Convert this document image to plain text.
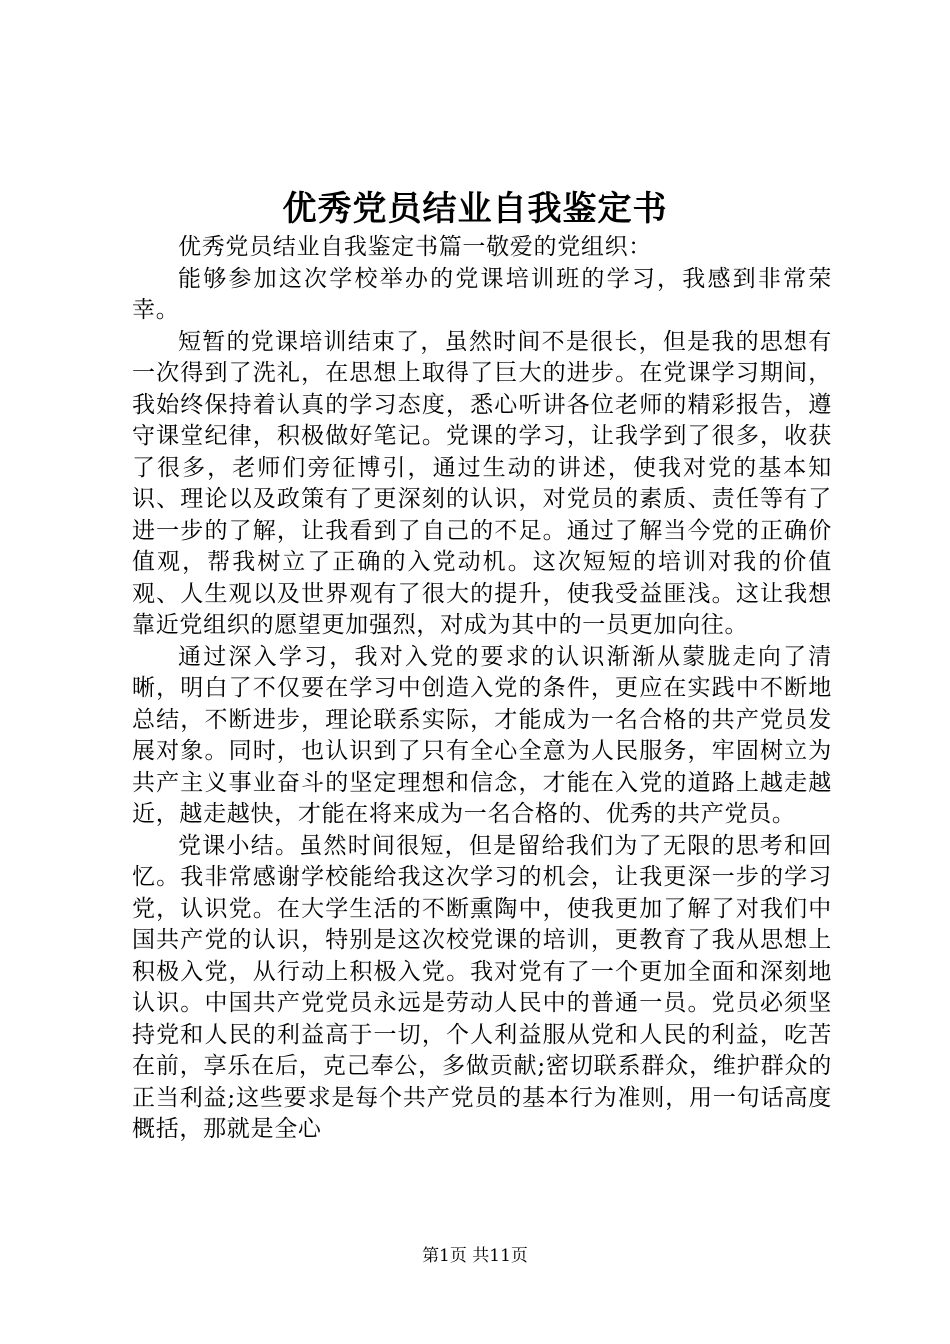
优秀党员结业自我鉴定书

优秀党员结业自我鉴定书篇一敬爱的党组织：

能够参加这次学校举办的党课培训班的学习，我感到非常荣幸。

短暂的党课培训结束了，虽然时间不是很长，但是我的思想有一次得到了洗礼，在思想上取得了巨大的进步。在党课学习期间，我始终保持着认真的学习态度，悉心听讲各位老师的精彩报告，遵守课堂纪律，积极做好笔记。党课的学习，让我学到了很多，收获了很多，老师们旁征博引，通过生动的讲述，使我对党的基本知识、理论以及政策有了更深刻的认识，对党员的素质、责任等有了进一步的了解，让我看到了自己的不足。通过了解当今党的正确价值观，帮我树立了正确的入党动机。这次短短的培训对我的价值观、人生观以及世界观有了很大的提升，使我受益匪浅。这让我想靠近党组织的愿望更加强烈，对成为其中的一员更加向往。

通过深入学习，我对入党的要求的认识渐渐从蒙胧走向了清晰，明白了不仅要在学习中创造入党的条件，更应在实践中不断地总结，不断进步，理论联系实际，才能成为一名合格的共产党员发展对象。同时，也认识到了只有全心全意为人民服务，牢固树立为共产主义事业奋斗的坚定理想和信念，才能在入党的道路上越走越近，越走越快，才能在将来成为一名合格的、优秀的共产党员。

党课小结。虽然时间很短，但是留给我们为了无限的思考和回忆。我非常感谢学校能给我这次学习的机会，让我更深一步的学习党，认识党。在大学生活的不断熏陶中，使我更加了解了对我们中国共产党的认识，特别是这次校党课的培训，更教育了我从思想上积极入党，从行动上积极入党。我对党有了一个更加全面和深刻地认识。中国共产党党员永远是劳动人民中的普通一员。党员必须坚持党和人民的利益高于一切，个人利益服从党和人民的利益，吃苦在前，享乐在后，克己奉公，多做贡献;密切联系群众，维护群众的正当利益;这些要求是每个共产党员的基本行为准则，用一句话高度概括，那就是全心

第1页 共11页
